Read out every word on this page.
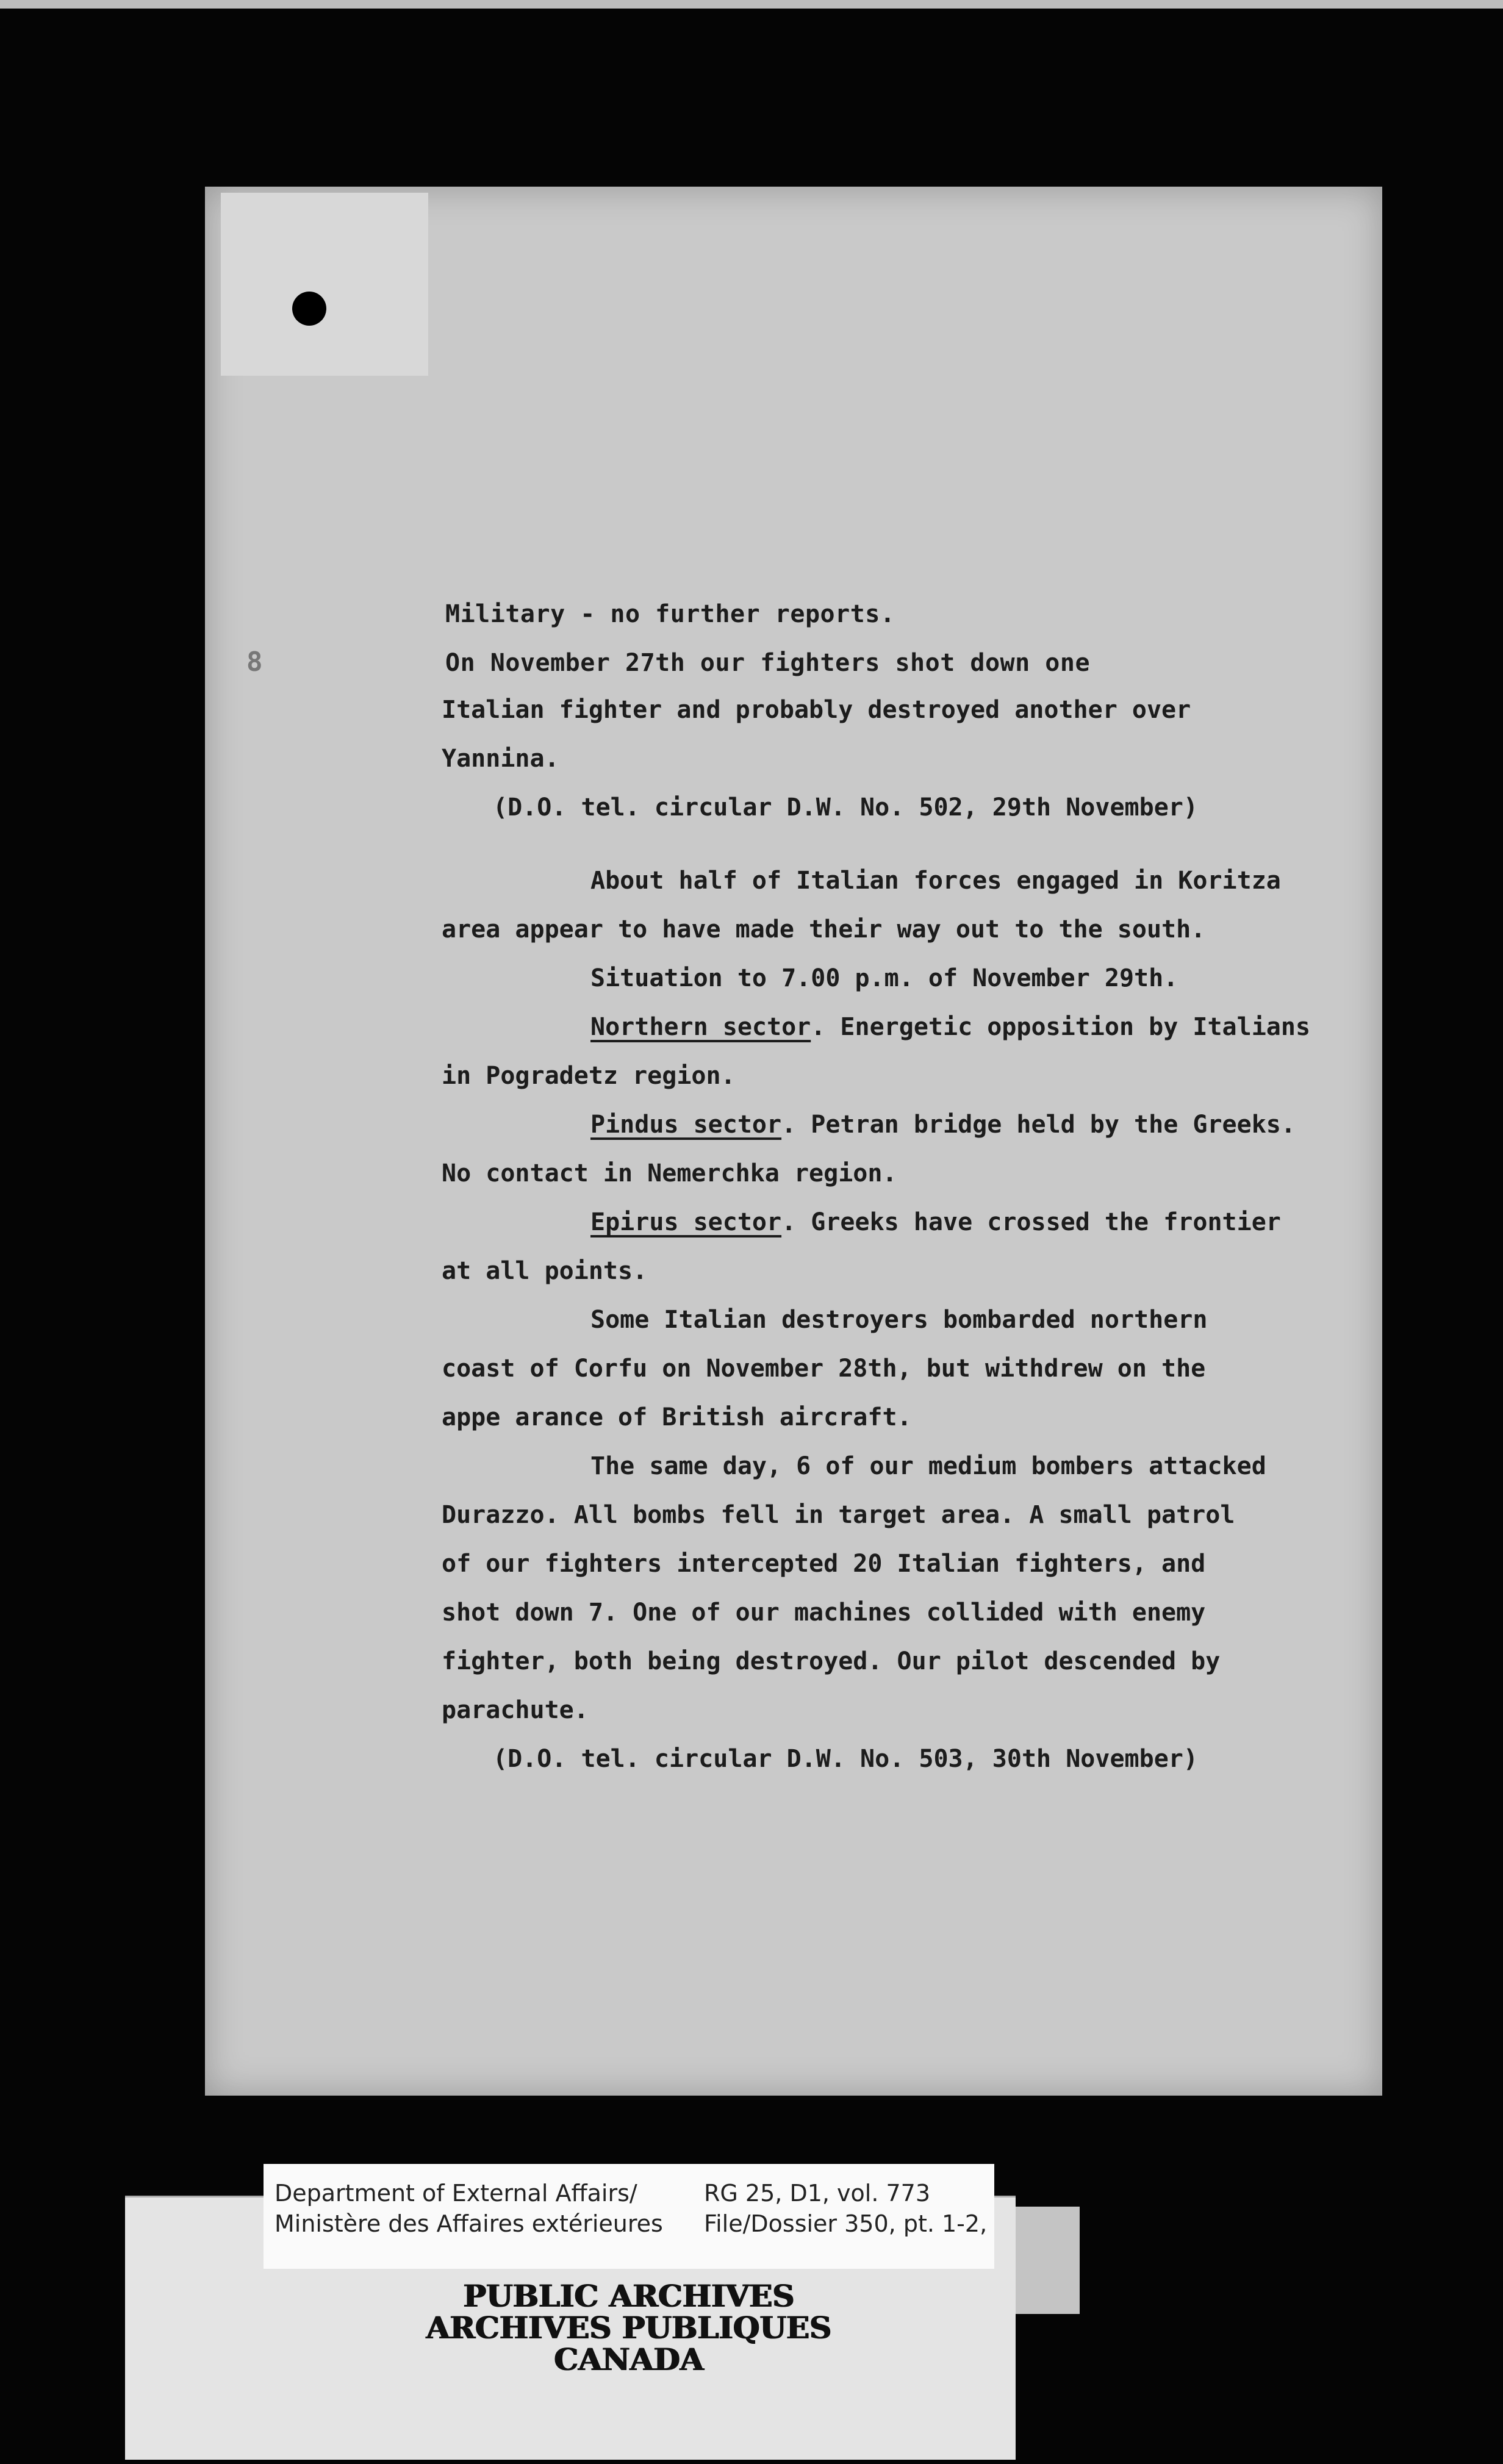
Military - no further reports.
On November 27th our fighters shot down one
8
Italian fighter and probably destroyed another over
Yannina.
(D.O. tel. circular D.W. No. 502, 29th November)
About half of Italian forces engaged in Koritza
area appear to have made their way out to the south.
Situation to 7.00 p.m. of November 29th.
Northern sector. Energetic opposition by Italians
in Pogradetz region.
Pindus sector. Petran bridge held by the Greeks.
No contact in Nemerchka region.
Epirus sector. Greeks have crossed the frontier
at all points.
Some Italian destroyers bombarded northern
coast of Corfu on November 28th, but withdrew on the
appe arance of British aircraft.
The same day, 6 of our medium bombers attacked
Durazzo. All bombs fell in target area. A small patrol
of our fighters intercepted 20 Italian fighters, and
shot down 7. One of our machines collided with enemy
fighter, both being destroyed. Our pilot descended by
parachute.
(D.O. tel. circular D.W. No. 503, 30th November)
Department of External Affairs/
Ministère des Affaires extérieures
RG 25, D1, vol. 773
File/Dossier 350, pt. 1-2,
PUBLIC ARCHIVES
ARCHIVES PUBLIQUES
CANADA
